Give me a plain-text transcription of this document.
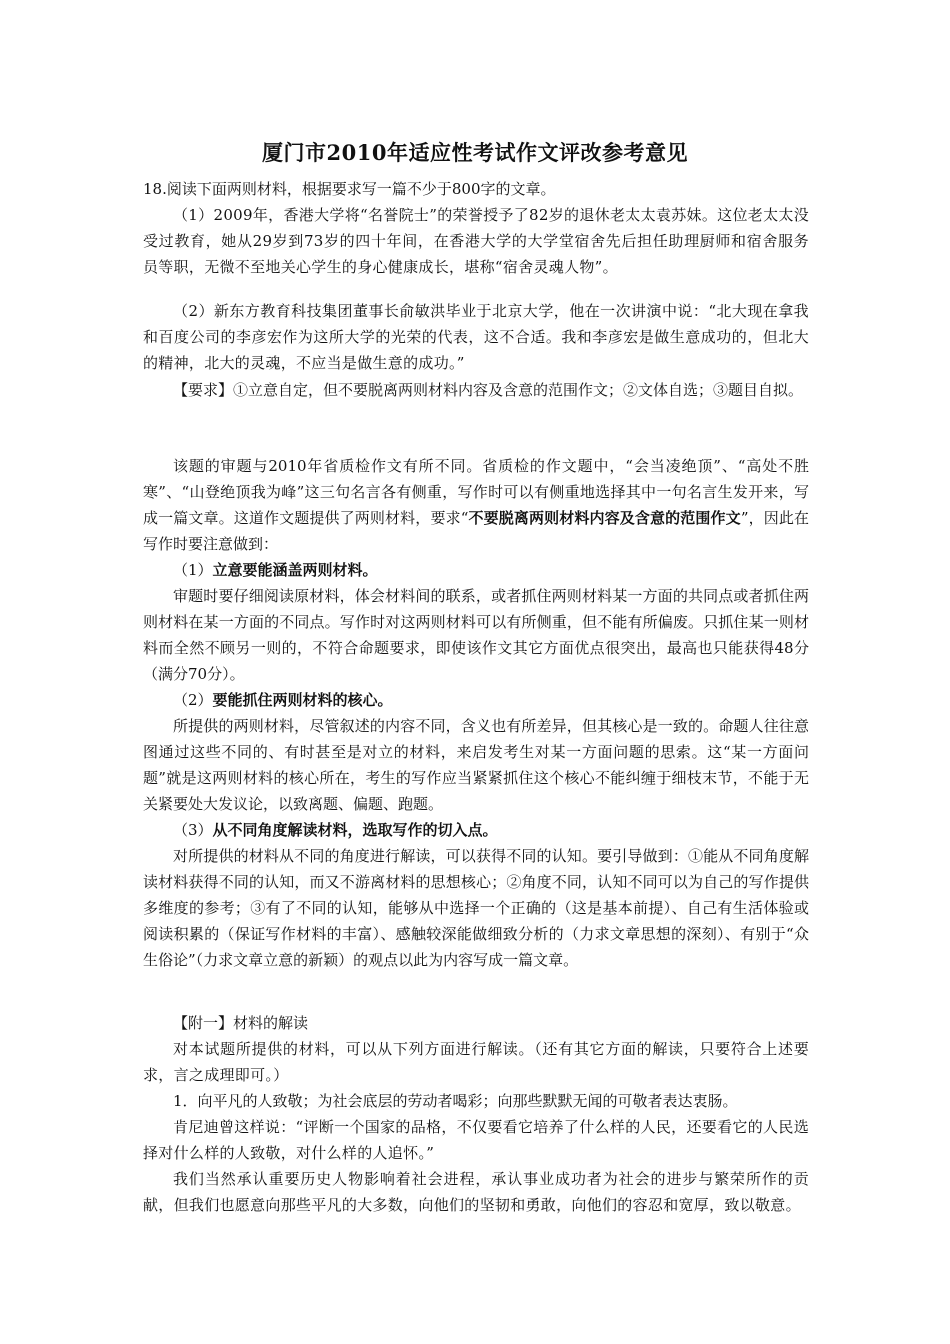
厦门市2010年适应性考试作文评改参考意见

18.阅读下面两则材料，根据要求写一篇不少于800字的文章。

（1）2009年，香港大学将“名誉院士”的荣誉授予了82岁的退休老太太袁苏妹。这位老太太没受过教育，她从29岁到73岁的四十年间，在香港大学的大学堂宿舍先后担任助理厨师和宿舍服务员等职，无微不至地关心学生的身心健康成长，堪称“宿舍灵魂人物”。

（2）新东方教育科技集团董事长俞敏洪毕业于北京大学，他在一次讲演中说：“北大现在拿我和百度公司的李彦宏作为这所大学的光荣的代表，这不合适。我和李彦宏是做生意成功的，但北大的精神，北大的灵魂，不应当是做生意的成功。”

【要求】①立意自定，但不要脱离两则材料内容及含意的范围作文；②文体自选；③题目自拟。

该题的审题与2010年省质检作文有所不同。省质检的作文题中，“会当凌绝顶”、“高处不胜寒”、“山登绝顶我为峰”这三句名言各有侧重，写作时可以有侧重地选择其中一句名言生发开来，写成一篇文章。这道作文题提供了两则材料，要求“不要脱离两则材料内容及含意的范围作文”，因此在写作时要注意做到：

（1）立意要能涵盖两则材料。

审题时要仔细阅读原材料，体会材料间的联系，或者抓住两则材料某一方面的共同点或者抓住两则材料在某一方面的不同点。写作时对这两则材料可以有所侧重，但不能有所偏废。只抓住某一则材料而全然不顾另一则的，不符合命题要求，即使该作文其它方面优点很突出，最高也只能获得48分（满分70分）。

（2）要能抓住两则材料的核心。

所提供的两则材料，尽管叙述的内容不同，含义也有所差异，但其核心是一致的。命题人往往意图通过这些不同的、有时甚至是对立的材料，来启发考生对某一方面问题的思索。这“某一方面问题”就是这两则材料的核心所在，考生的写作应当紧紧抓住这个核心不能纠缠于细枝末节，不能于无关紧要处大发议论，以致离题、偏题、跑题。

（3）从不同角度解读材料，选取写作的切入点。

对所提供的材料从不同的角度进行解读，可以获得不同的认知。要引导做到：①能从不同角度解读材料获得不同的认知，而又不游离材料的思想核心；②角度不同，认知不同可以为自己的写作提供多维度的参考；③有了不同的认知，能够从中选择一个正确的（这是基本前提）、自己有生活体验或阅读积累的（保证写作材料的丰富）、感触较深能做细致分析的（力求文章思想的深刻）、有别于“众生俗论”（力求文章立意的新颖）的观点以此为内容写成一篇文章。

【附一】材料的解读

对本试题所提供的材料，可以从下列方面进行解读。（还有其它方面的解读，只要符合上述要求，言之成理即可。）

1．向平凡的人致敬；为社会底层的劳动者喝彩；向那些默默无闻的可敬者表达衷肠。

肯尼迪曾这样说：“评断一个国家的品格，不仅要看它培养了什么样的人民，还要看它的人民选择对什么样的人致敬，对什么样的人追怀。”

我们当然承认重要历史人物影响着社会进程，承认事业成功者为社会的进步与繁荣所作的贡献，但我们也愿意向那些平凡的大多数，向他们的坚韧和勇敢，向他们的容忍和宽厚，致以敬意。
